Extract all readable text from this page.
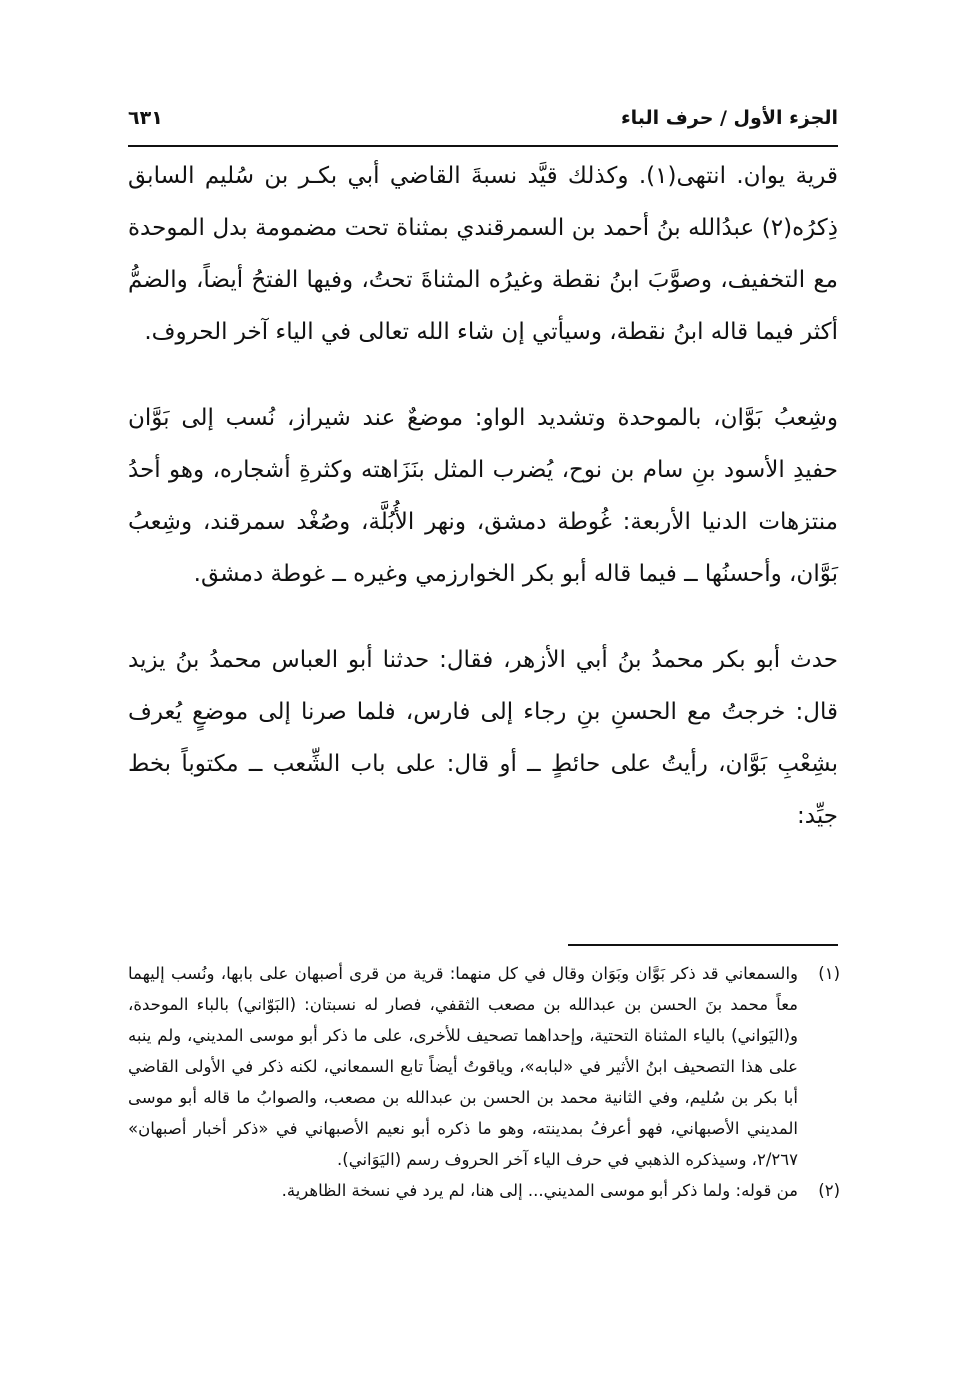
الجزء الأول / حرف الباء
٦٣١

قرية يوان. انتهى(١). وكذلك قيَّد نسبةَ القاضي أبي بكـر بن سُليم السابق ذِكرُه(٢) عبدُالله بنُ أحمد بن السمرقندي بمثناة تحت مضمومة بدل الموحدة مع التخفيف، وصوَّبَ ابنُ نقطة وغيرُه المثناةَ تحتُ، وفيها الفتحُ أيضاً، والضمُّ أكثر فيما قاله ابنُ نقطة، وسيأتي إن شاء الله تعالى في الياء آخر الحروف.

وشِعبُ بَوَّان، بالموحدة وتشديد الواو: موضعٌ عند شيراز، نُسب إلى بَوَّان حفيدِ الأسود بنِ سام بن نوح، يُضرب المثل بنَزَاهته وكثرةِ أشجاره، وهو أحدُ منتزهات الدنيا الأربعة: غُوطة دمشق، ونهر الأُبُلَّة، وصُغْد سمرقند، وشِعبُ بَوَّان، وأحسنُها ــ فيما قاله أبو بكر الخوارزمي وغيره ــ غوطة دمشق.

حدث أبو بكر محمدُ بنُ أبي الأزهر، فقال: حدثنا أبو العباس محمدُ بنُ يزيد قال: خرجتُ مع الحسنِ بنِ رجاء إلى فارس، فلما صرنا إلى موضعٍ يُعرف بشِعْبِ بَوَّان، رأيتُ على حائطٍ ــ أو قال: على باب الشِّعب ــ مكتوباً بخط جيِّد:

(١)
والسمعاني قد ذكر بَوَّان وبَوَان وقال في كل منهما: قرية من قرى أصبهان على بابها، ونُسب إليهما معاً محمد بنَ الحسن بن عبدالله بن مصعب الثقفي، فصار له نسبتان: (البَوّاني) بالباء الموحدة، و(اليَواني) بالياء المثناة التحتية، وإحداهما تصحيف للأخرى، على ما ذكر أبو موسى المديني، ولم ينبه على هذا التصحيف ابنُ الأثير في «لبابه»، وياقوتُ أيضاً تابع السمعاني، لكنه ذكر في الأولى القاضي أبا بكر بن سُليم، وفي الثانية محمد بن الحسن بن عبدالله بن مصعب، والصوابُ ما قاله أبو موسى المديني الأصبهاني، فهو أعرفُ بمدينته، وهو ما ذكره أبو نعيم الأصبهاني في «ذكر أخبار أصبهان» ٢/٢٦٧، وسيذكره الذهبي في حرف الياء آخر الحروف رسم (اليَوَاني).
(٢)
من قوله: ولما ذكر أبو موسى المديني... إلى هنا، لم يرد في نسخة الظاهرية.
